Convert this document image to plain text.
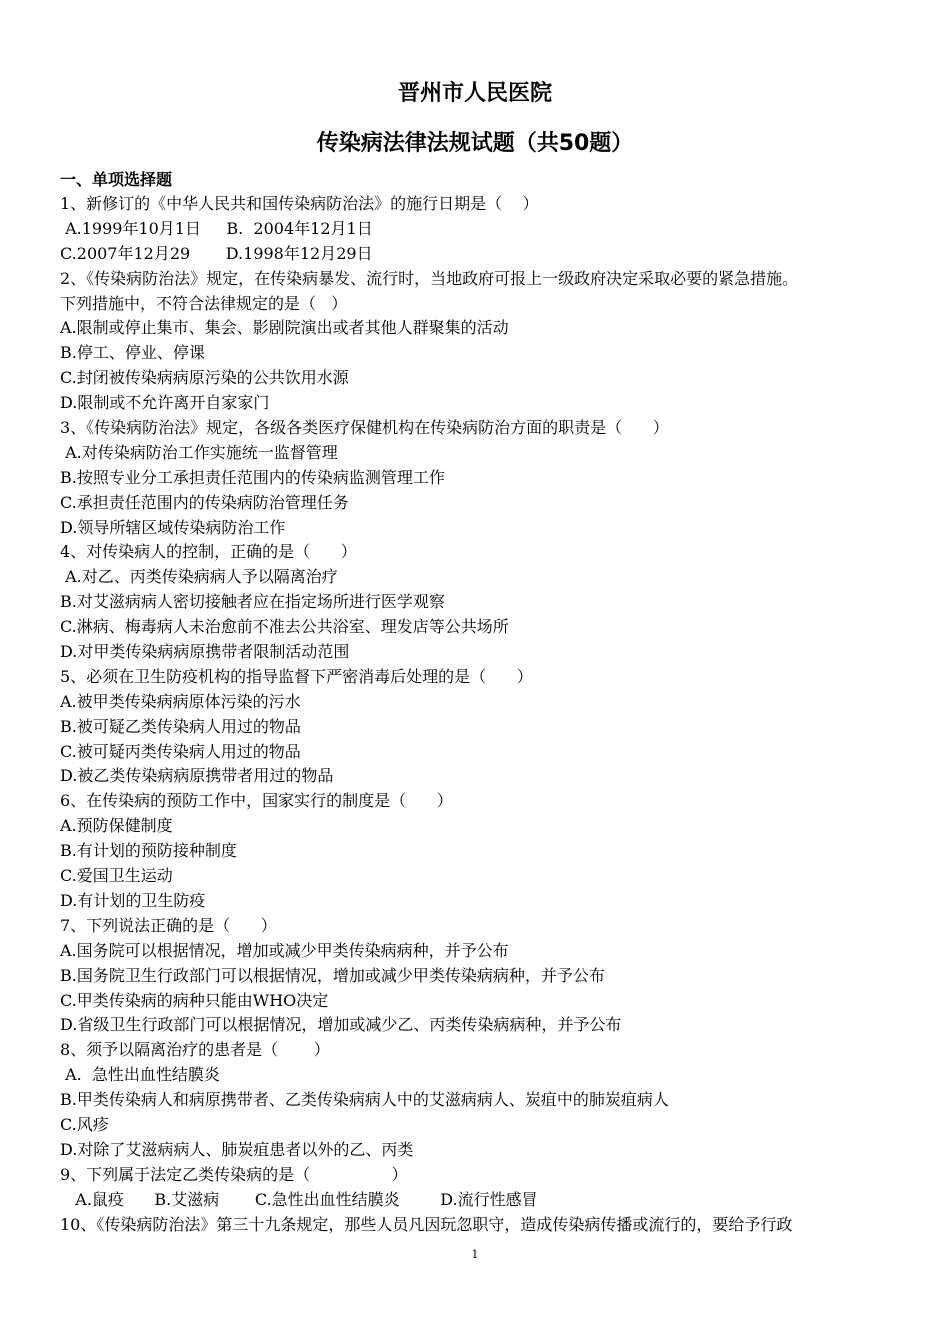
晋州市人民医院
传染病法律法规试题（共50题）
一、单项选择题
1、新修订的《中华人民共和国传染病防治法》的施行日期是（    ）
A.1999年10月1日     B.  2004年12月1日
C.2007年12月29       D.1998年12月29日
2、《传染病防治法》规定，在传染病暴发、流行时，当地政府可报上一级政府决定采取必要的紧急措施。
下列措施中，不符合法律规定的是（   ）
A.限制或停止集市、集会、影剧院演出或者其他人群聚集的活动
B.停工、停业、停课
C.封闭被传染病病原污染的公共饮用水源
D.限制或不允许离开自家家门
3、《传染病防治法》规定，各级各类医疗保健机构在传染病防治方面的职责是（      ）
A.对传染病防治工作实施统一监督管理
B.按照专业分工承担责任范围内的传染病监测管理工作
C.承担责任范围内的传染病防治管理任务
D.领导所辖区域传染病防治工作
4、对传染病人的控制，正确的是（      ）
A.对乙、丙类传染病病人予以隔离治疗
B.对艾滋病病人密切接触者应在指定场所进行医学观察
C.淋病、梅毒病人未治愈前不准去公共浴室、理发店等公共场所
D.对甲类传染病病原携带者限制活动范围
5、必须在卫生防疫机构的指导监督下严密消毒后处理的是（      ）
A.被甲类传染病病原体污染的污水
B.被可疑乙类传染病人用过的物品
C.被可疑丙类传染病人用过的物品
D.被乙类传染病病原携带者用过的物品
6、在传染病的预防工作中，国家实行的制度是（      ）
A.预防保健制度
B.有计划的预防接种制度
C.爱国卫生运动
D.有计划的卫生防疫
7、下列说法正确的是（      ）
A.国务院可以根据情况，增加或减少甲类传染病病种，并予公布
B.国务院卫生行政部门可以根据情况，增加或减少甲类传染病病种，并予公布
C.甲类传染病的病种只能由WHO决定
D.省级卫生行政部门可以根据情况，增加或减少乙、丙类传染病病种，并予公布
8、须予以隔离治疗的患者是（       ）
A.  急性出血性结膜炎
B.甲类传染病人和病原携带者、乙类传染病病人中的艾滋病病人、炭疽中的肺炭疽病人
C.风疹
D.对除了艾滋病病人、肺炭疽患者以外的乙、丙类
9、下列属于法定乙类传染病的是（                ）
A.鼠疫      B.艾滋病       C.急性出血性结膜炎        D.流行性感冒
10、《传染病防治法》第三十九条规定，那些人员凡因玩忽职守，造成传染病传播或流行的，要给予行政
1
